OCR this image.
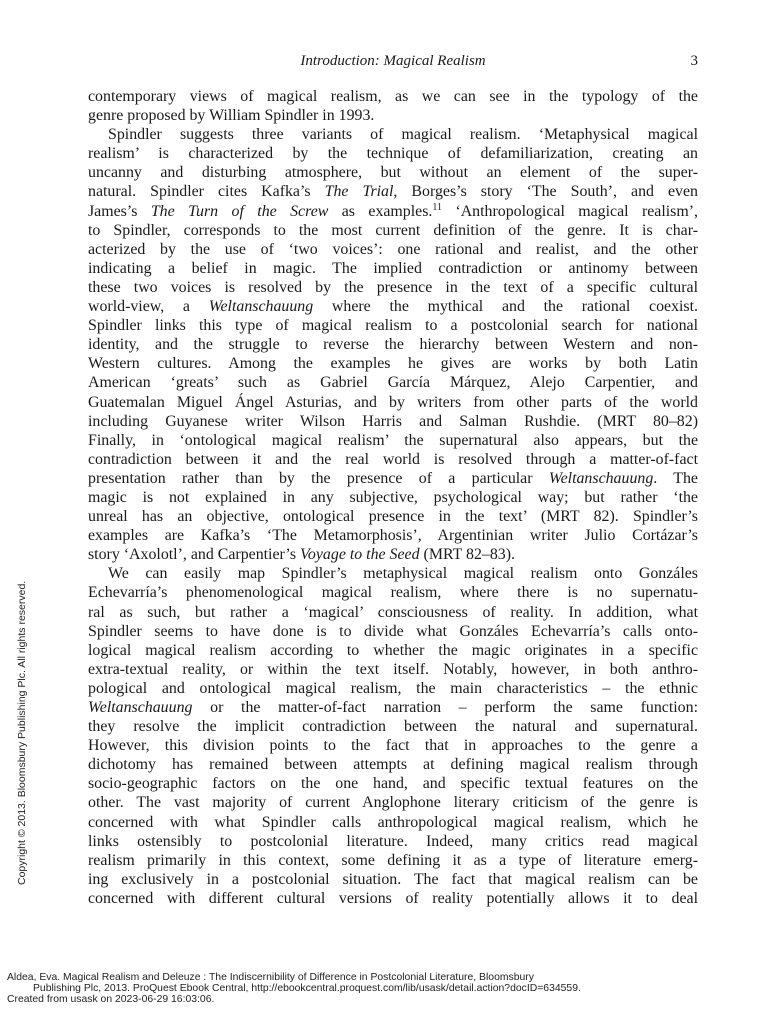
Introduction: Magical Realism	3
contemporary views of magical realism, as we can see in the typology of the
genre proposed by William Spindler in 1993.
Spindler suggests three variants of magical realism. ‘Metaphysical magical
realism’ is characterized by the technique of defamiliarization, creating an
uncanny and disturbing atmosphere, but without an element of the super-
natural. Spindler cites Kafka’s The Trial, Borges’s story ‘The South’, and even
James’s The Turn of the Screw as examples.$^{11}$ ‘Anthropological magical realism’,
to Spindler, corresponds to the most current definition of the genre. It is char-
acterized by the use of ‘two voices’: one rational and realist, and the other
indicating a belief in magic. The implied contradiction or antinomy between
these two voices is resolved by the presence in the text of a specific cultural
world-view, a Weltanschauung where the mythical and the rational coexist.
Spindler links this type of magical realism to a postcolonial search for national
identity, and the struggle to reverse the hierarchy between Western and non-
Western cultures. Among the examples he gives are works by both Latin
American ‘greats’ such as Gabriel García Márquez, Alejo Carpentier, and
Guatemalan Miguel Ángel Asturias, and by writers from other parts of the world
including Guyanese writer Wilson Harris and Salman Rushdie. (MRT 80–82)
Finally, in ‘ontological magical realism’ the supernatural also appears, but the
contradiction between it and the real world is resolved through a matter-of-fact
presentation rather than by the presence of a particular Weltanschauung. The
magic is not explained in any subjective, psychological way; but rather ‘the
unreal has an objective, ontological presence in the text’ (MRT 82). Spindler’s
examples are Kafka’s ‘The Metamorphosis’, Argentinian writer Julio Cortázar’s
story ‘Axolotl’, and Carpentier’s Voyage to the Seed (MRT 82–83).
We can easily map Spindler’s metaphysical magical realism onto Gonzáles
Echevarría’s phenomenological magical realism, where there is no supernatu-
ral as such, but rather a ‘magical’ consciousness of reality. In addition, what
Spindler seems to have done is to divide what Gonzáles Echevarría’s calls onto-
logical magical realism according to whether the magic originates in a specific
extra-textual reality, or within the text itself. Notably, however, in both anthro-
pological and ontological magical realism, the main characteristics – the ethnic
Weltanschauung or the matter-of-fact narration – perform the same function:
they resolve the implicit contradiction between the natural and supernatural.
However, this division points to the fact that in approaches to the genre a
dichotomy has remained between attempts at defining magical realism through
socio-geographic factors on the one hand, and specific textual features on the
other. The vast majority of current Anglophone literary criticism of the genre is
concerned with what Spindler calls anthropological magical realism, which he
links ostensibly to postcolonial literature. Indeed, many critics read magical
realism primarily in this context, some defining it as a type of literature emerg-
ing exclusively in a postcolonial situation. The fact that magical realism can be
concerned with different cultural versions of reality potentially allows it to deal
Copyright © 2013. Bloomsbury Publishing Plc. All rights reserved.
Aldea, Eva. Magical Realism and Deleuze : The Indiscernibility of Difference in Postcolonial Literature, Bloomsbury
Publishing Plc, 2013. ProQuest Ebook Central, http://ebookcentral.proquest.com/lib/usask/detail.action?docID=634559.
Created from usask on 2023-06-29 16:03:06.
